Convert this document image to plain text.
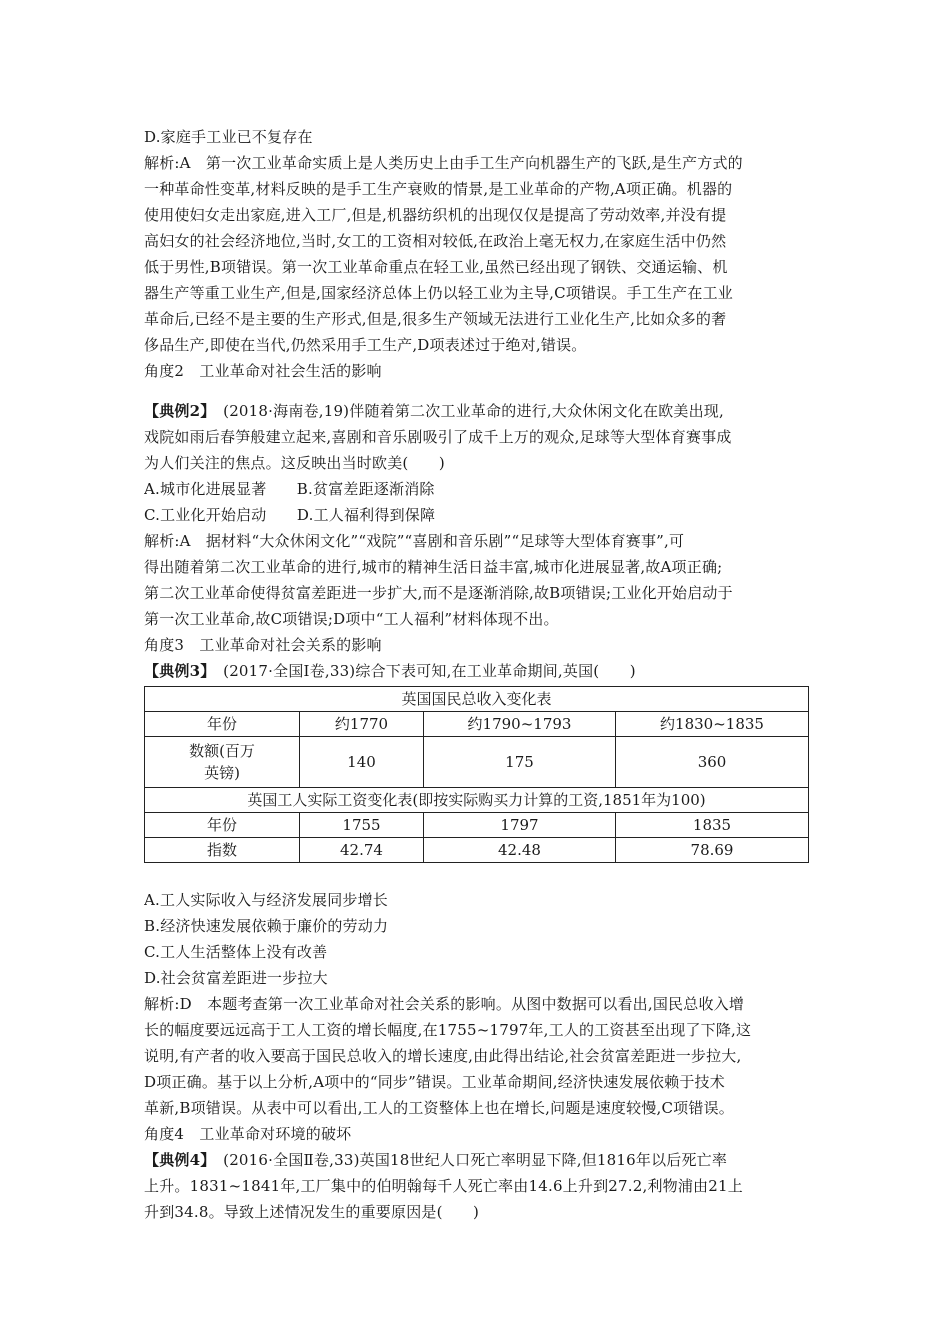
D.家庭手工业已不复存在
解析:A　第一次工业革命实质上是人类历史上由手工生产向机器生产的飞跃,是生产方式的
一种革命性变革,材料反映的是手工生产衰败的情景,是工业革命的产物,A项正确。机器的
使用使妇女走出家庭,进入工厂,但是,机器纺织机的出现仅仅是提高了劳动效率,并没有提
高妇女的社会经济地位,当时,女工的工资相对较低,在政治上毫无权力,在家庭生活中仍然
低于男性,B项错误。第一次工业革命重点在轻工业,虽然已经出现了钢铁、交通运输、机
器生产等重工业生产,但是,国家经济总体上仍以轻工业为主导,C项错误。手工生产在工业
革命后,已经不是主要的生产形式,但是,很多生产领域无法进行工业化生产,比如众多的奢
侈品生产,即使在当代,仍然采用手工生产,D项表述过于绝对,错误。
角度2　工业革命对社会生活的影响
【典例2】　(2018·海南卷,19)伴随着第二次工业革命的进行,大众休闲文化在欧美出现,
戏院如雨后春笋般建立起来,喜剧和音乐剧吸引了成千上万的观众,足球等大型体育赛事成
为人们关注的焦点。这反映出当时欧美(　　)
A.城市化进展显著　　B.贫富差距逐渐消除
C.工业化开始启动　　D.工人福利得到保障
解析:A　据材料“大众休闲文化”“戏院”“喜剧和音乐剧”“足球等大型体育赛事”,可
得出随着第二次工业革命的进行,城市的精神生活日益丰富,城市化进展显著,故A项正确;
第二次工业革命使得贫富差距进一步扩大,而不是逐渐消除,故B项错误;工业化开始启动于
第一次工业革命,故C项错误;D项中“工人福利”材料体现不出。
角度3　工业革命对社会关系的影响
【典例3】　(2017·全国Ⅰ卷,33)综合下表可知,在工业革命期间,英国(　　)
英国国民总收入变化表			
年份	约1770	约1790~1793	约1830~1835

数额(百万英镑)	140	175	360
英国工人实际工资变化表(即按实际购买力计算的工资,1851年为100)			
年份	1755	1797	1835
指数	42.74	42.48	78.69
A.工人实际收入与经济发展同步增长
B.经济快速发展依赖于廉价的劳动力
C.工人生活整体上没有改善
D.社会贫富差距进一步拉大
解析:D　本题考查第一次工业革命对社会关系的影响。从图中数据可以看出,国民总收入增
长的幅度要远远高于工人工资的增长幅度,在1755~1797年,工人的工资甚至出现了下降,这
说明,有产者的收入要高于国民总收入的增长速度,由此得出结论,社会贫富差距进一步拉大,
D项正确。基于以上分析,A项中的“同步”错误。工业革命期间,经济快速发展依赖于技术
革新,B项错误。从表中可以看出,工人的工资整体上也在增长,问题是速度较慢,C项错误。
角度4　工业革命对环境的破坏
【典例4】　(2016·全国Ⅱ卷,33)英国18世纪人口死亡率明显下降,但1816年以后死亡率
上升。1831~1841年,工厂集中的伯明翰每千人死亡率由14.6上升到27.2,利物浦由21上
升到34.8。导致上述情况发生的重要原因是(　　)
